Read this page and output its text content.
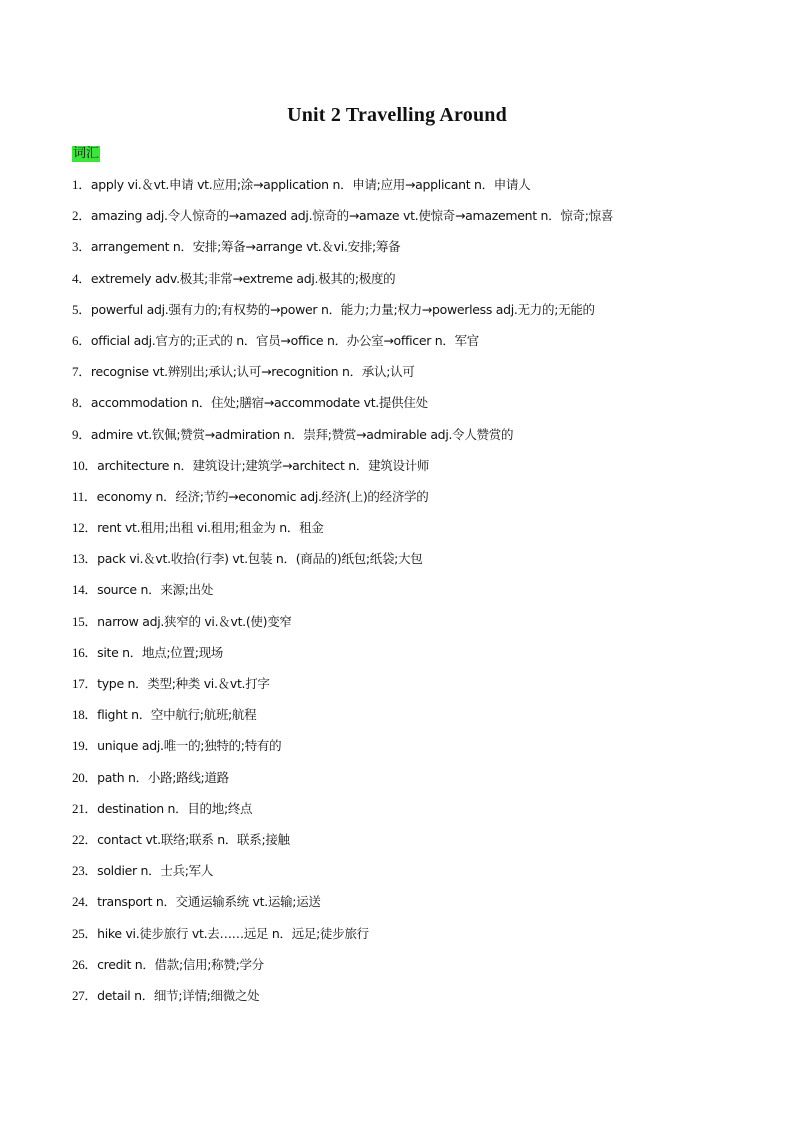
Unit 2 Travelling Around
词汇
1．apply vi.＆vt.申请 vt.应用;涂→application n．申请;应用→applicant n．申请人
2．amazing adj.令人惊奇的→amazed adj.惊奇的→amaze vt.使惊奇→amazement n．惊奇;惊喜
3．arrangement n．安排;筹备→arrange vt.＆vi.安排;筹备
4．extremely adv.极其;非常→extreme adj.极其的;极度的
5．powerful adj.强有力的;有权势的→power n．能力;力量;权力→powerless adj.无力的;无能的
6．official adj.官方的;正式的 n．官员→office n．办公室→officer n．军官
7．recognise vt.辨别出;承认;认可→recognition n．承认;认可
8．accommodation n．住处;膳宿→accommodate vt.提供住处
9．admire vt.钦佩;赞赏→admiration n．崇拜;赞赏→admirable adj.令人赞赏的
10．architecture n．建筑设计;建筑学→architect n．建筑设计师
11．economy n．经济;节约→economic adj.经济(上)的经济学的
12．rent vt.租用;出租 vi.租用;租金为 n．租金
13．pack vi.＆vt.收拾(行李) vt.包装 n．(商品的)纸包;纸袋;大包
14．source n．来源;出处
15．narrow adj.狭窄的 vi.＆vt.(使)变窄
16．site n．地点;位置;现场
17．type n．类型;种类 vi.＆vt.打字
18．flight n．空中航行;航班;航程
19．unique adj.唯一的;独特的;特有的
20．path n．小路;路线;道路
21．destination n．目的地;终点
22．contact vt.联络;联系 n．联系;接触
23．soldier n．士兵;军人
24．transport n．交通运输系统 vt.运输;运送
25．hike vi.徒步旅行 vt.去……远足 n．远足;徒步旅行
26．credit n．借款;信用;称赞;学分
27．detail n．细节;详情;细微之处
